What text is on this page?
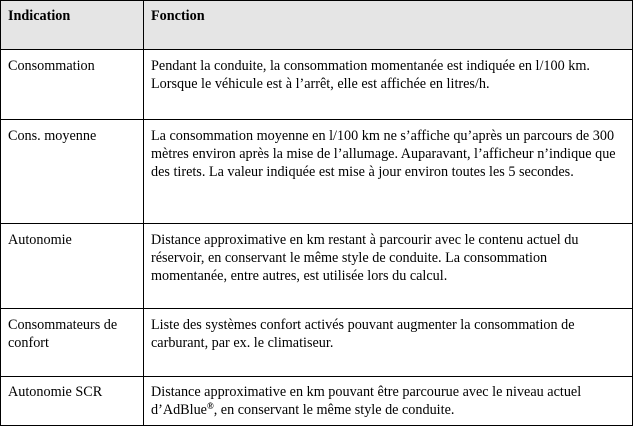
Indication	Fonction
Consommation	Pendant la conduite, la consommation momentanée est indiquée en l/100 km. Lorsque le véhicule est à l’arrêt, elle est affichée en litres/h.
Cons. moyenne	La consommation moyenne en l/100 km ne s’affiche qu’après un parcours de 300 mètres environ après la mise de l’allumage. Auparavant, l’afficheur n’indique que des tirets. La valeur indiquée est mise à jour environ toutes les 5 secondes.
Autonomie	Distance approximative en km restant à parcourir avec le contenu actuel du réservoir, en conservant le même style de conduite. La consommation momentanée, entre autres, est utilisée lors du calcul.
Consommateurs de confort	Liste des systèmes confort activés pouvant augmenter la consommation de carburant, par ex. le climatiseur.
Autonomie SCR	Distance approximative en km pouvant être parcourue avec le niveau actuel d’AdBlue®, en conservant le même style de conduite.
